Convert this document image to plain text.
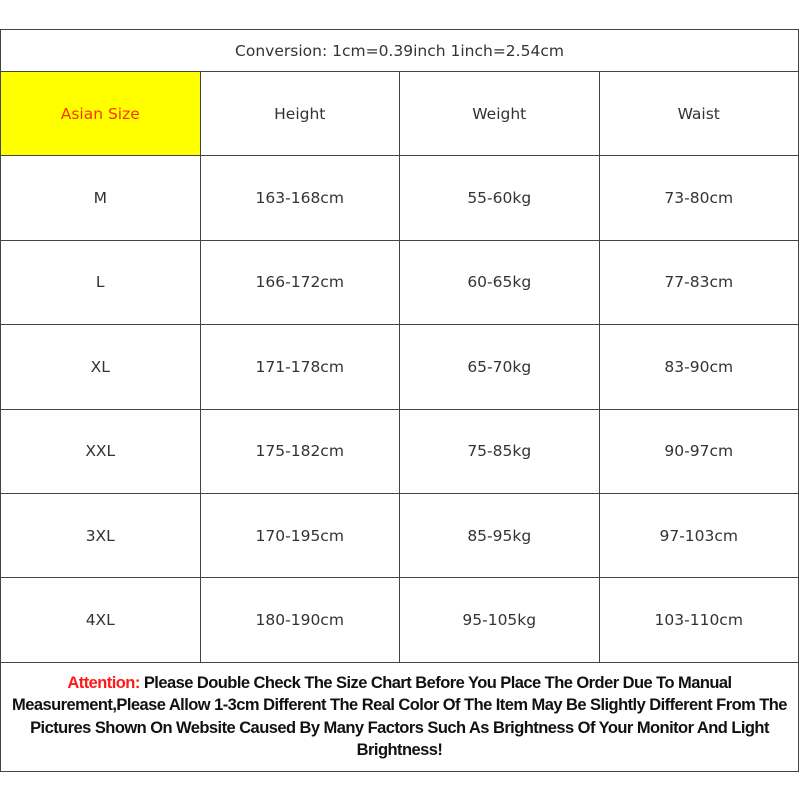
Conversion: 1cm=0.39inch 1inch=2.54cm
Asian Size	Height	Weight	Waist
M	163-168cm	55-60kg	73-80cm
L	166-172cm	60-65kg	77-83cm
XL	171-178cm	65-70kg	83-90cm
XXL	175-182cm	75-85kg	90-97cm
3XL	170-195cm	85-95kg	97-103cm
4XL	180-190cm	95-105kg	103-110cm
Attention: Please Double Check The Size Chart Before You Place The Order Due To Manual Measurement,Please Allow 1-3cm Different The Real Color Of The Item May Be Slightly Different From The Pictures Shown On Website Caused By Many Factors Such As Brightness Of Your Monitor And Light Brightness!
